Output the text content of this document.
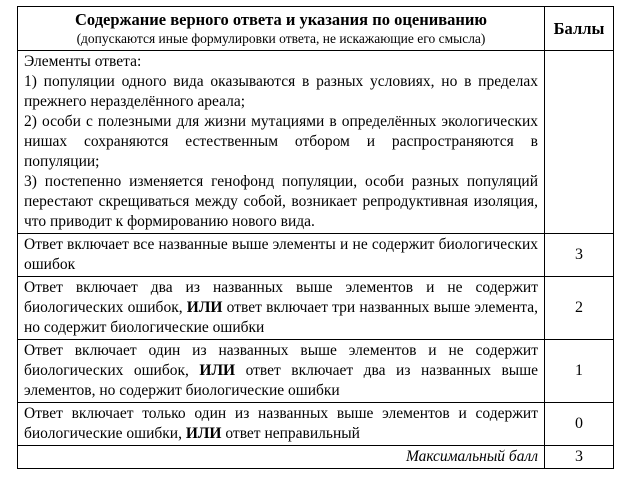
Содержание верного ответа и указания по оцениванию
(допускаются иные формулировки ответа, не искажающие его смысла)	Баллы

Элементы ответа:

1) популяции одного вида оказываются в разных условиях, но в пределах прежнего неразделённого ареала;

2) особи с полезными для жизни мутациями в определённых экологических нишах сохраняются естественным отбором и распространяются в популяции;

3) постепенно изменяется генофонд популяции, особи разных популяций перестают скрещиваться между собой, возникает репродуктивная изоляция, что приводит к формированию нового вида.	

Ответ включает все названные выше элементы и не содержит биологических ошибок	3
Ответ включает два из названных выше элементов и не содержит биологических ошибок, ИЛИ ответ включает три названных выше элемента, но содержит биологические ошибки	2
Ответ включает один из названных выше элементов и не содержит биологических ошибок, ИЛИ ответ включает два из названных выше элементов, но содержит биологические ошибки	1
Ответ включает только один из названных выше элементов и содержит биологические ошибки, ИЛИ ответ неправильный	0
Максимальный балл	3
